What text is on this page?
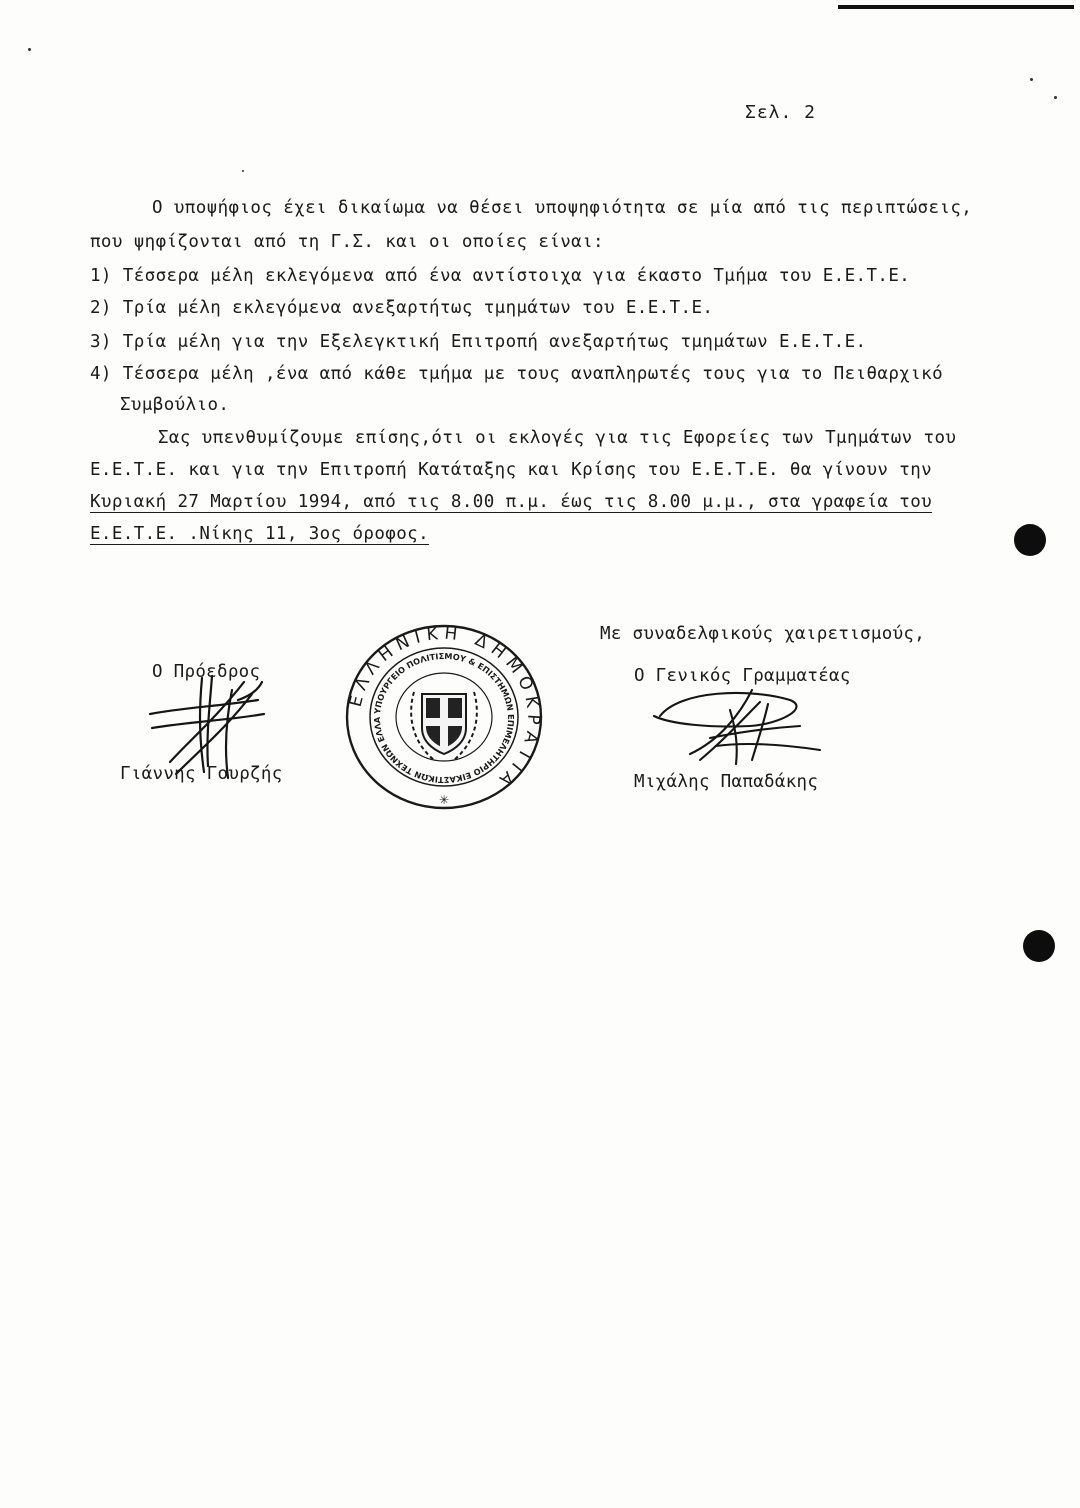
Σελ. 2
Ο υποψήφιος έχει δικαίωμα να θέσει υποψηφιότητα σε μία από τις περιπτώσεις,
που ψηφίζονται από τη Γ.Σ. και οι οποίες είναι:
1) Τέσσερα μέλη εκλεγόμενα από ένα αντίστοιχα για έκαστο Τμήμα του Ε.Ε.Τ.Ε.
2) Τρία μέλη εκλεγόμενα ανεξαρτήτως τμημάτων του Ε.Ε.Τ.Ε.
3) Τρία μέλη για την Εξελεγκτική Επιτροπή ανεξαρτήτως τμημάτων Ε.Ε.Τ.Ε.
4) Τέσσερα μέλη ,ένα από κάθε τμήμα με τους αναπληρωτές τους για το Πειθαρχικό
Συμβούλιο.
Σας υπενθυμίζουμε επίσης,ότι οι εκλογές για τις Εφορείες των Τμημάτων του
Ε.Ε.Τ.Ε. και για την Επιτροπή Κατάταξης και Κρίσης του Ε.Ε.Τ.Ε. θα γίνουν την
Κυριακή 27 Μαρτίου 1994, από τις 8.00 π.μ. έως τις 8.00 μ.μ., στα γραφεία του
Ε.Ε.Τ.Ε. .Νίκης 11, 3ος όροφος.
Με συναδελφικούς χαιρετισμούς,
Ο Πρόεδρος
Γιάννης Γουρζής
Ο Γενικός Γραμματέας
Μιχάλης Παπαδάκης
ΕΛΛΗΝΙΚΗ ΔΗΜΟΚΡΑΤΙΑ
ΥΠΟΥΡΓΕΙΟ ΠΟΛΙΤΙΣΜΟΥ & ΕΠΙΣΤΗΜΩΝ ΕΠΙΜΕΛΗΤΗΡΙΟ ΕΙΚΑΣΤΙΚΩΝ ΤΕΧΝΩΝ ΕΛΛΑΔΟΣ
✳
